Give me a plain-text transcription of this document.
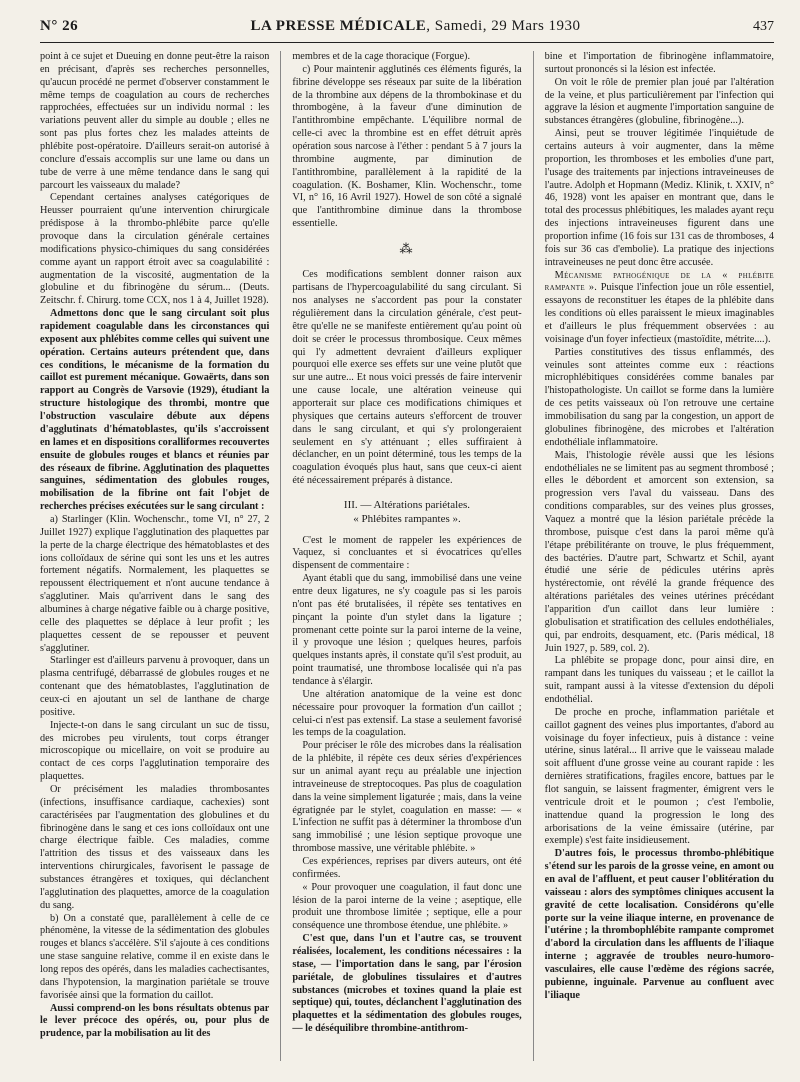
N° 26	LA PRESSE MÉDICALE, Samedi, 29 Mars 1930	437

point à ce sujet et Dueuing en donne peut-être la raison en précisant, d'après ses recherches personnelles, qu'aucun procédé ne permet d'observer constamment le même temps de coagulation au cours de recherches rapprochées, effectuées sur un individu normal : les variations peuvent aller du simple au double ; elles ne sont pas plus fortes chez les malades atteints de phlébite post-opératoire. D'ailleurs serait-on autorisé à conclure d'essais accomplis sur une lame ou dans un tube de verre à une même tendance dans le sang qui parcourt les vaisseaux du malade?

Cependant certaines analyses catégoriques de Heusser pourraient qu'une intervention chirurgicale prédispose à la thrombo-phlébite parce qu'elle provoque dans la circulation générale certaines modifications physico-chimiques du sang considérées comme ayant un rapport étroit avec sa coagulabilité : augmentation de la viscosité, augmentation de la globuline et du fibrinogène du sérum... (Deuts. Zeitschr. f. Chirurg. tome CCX, nos 1 à 4, Juillet 1928).

Admettons donc que le sang circulant soit plus rapidement coagulable dans les circonstances qui exposent aux phlébites comme celles qui suivent une opération. Certains auteurs prétendent que, dans ces conditions, le mécanisme de la formation du caillot est purement mécanique. Gowaërts, dans son rapport au Congrès de Varsovie (1929), étudiant la structure histologique des thrombi, montre que l'obstruction vasculaire débute aux dépens d'agglutinats d'hématoblastes, qu'ils s'accroissent en lames et en dispositions coralliformes recouvertes ensuite de globules rouges et blancs et réunies par des réseaux de fibrine. Agglutination des plaquettes sanguines, sédimentation des globules rouges, mobilisation de la fibrine ont fait l'objet de recherches précises exécutées sur le sang circulant :

a) Starlinger (Klin. Wochenschr., tome VI, n° 27, 2 Juillet 1927) explique l'agglutination des plaquettes par la perte de la charge électrique des hématoblastes et des ions colloïdaux de sérine qui sont les uns et les autres fortement négatifs. Normalement, les plaquettes se repoussent électriquement et n'ont aucune tendance à s'agglutiner. Mais qu'arrivent dans le sang des albumines à charge négative faible ou à charge positive, celle des plaquettes se déplace à leur profit ; les plaquettes cessent de se repousser et peuvent s'agglutiner.

Starlinger est d'ailleurs parvenu à provoquer, dans un plasma centrifugé, débarrassé de globules rouges et ne contenant que des hématoblastes, l'agglutination de ceux-ci en ajoutant un sel de lanthane de charge positive.

Injecte-t-on dans le sang circulant un suc de tissu, des microbes peu virulents, tout corps étranger microscopique ou micellaire, on voit se produire au contact de ces corps l'agglutination temporaire des plaquettes.

Or précisément les maladies thrombosantes (infections, insuffisance cardiaque, cachexies) sont caractérisées par l'augmentation des globulines et du fibrinogène dans le sang et ces ions colloïdaux ont une charge électrique faible. Ces maladies, comme l'attrition des tissus et des vaisseaux dans les interventions chirurgicales, favorisent le passage de substances étrangères et toxiques, qui déclanchent l'agglutination des plaquettes, amorce de la coagulation du sang.

b) On a constaté que, parallèlement à celle de ce phénomène, la vitesse de la sédimentation des globules rouges et blancs s'accélère. S'il s'ajoute à ces conditions une stase sanguine relative, comme il en existe dans le long repos des opérés, dans les maladies cachectisantes, dans l'hypotension, la margination pariétale se trouve favorisée ainsi que la formation du caillot.

Aussi comprend-on les bons résultats obtenus par le lever précoce des opérés, ou, pour plus de prudence, par la mobilisation au lit des

membres et de la cage thoracique (Forgue).

c) Pour maintenir agglutinés ces éléments figurés, la fibrine développe ses réseaux par suite de la libération de la thrombine aux dépens de la thrombokinase et du thrombogène, à la faveur d'une diminution de l'antithrombine empêchante. L'équilibre normal de celle-ci avec la thrombine est en effet détruit après opération sous narcose à l'éther : pendant 5 à 7 jours la thrombine augmente, par diminution de l'antithrombine, parallèlement à la rapidité de la coagulation. (K. Boshamer, Klin. Wochenschr., tome VI, n° 16, 16 Avril 1927). Howel de son côté a signalé que l'antithrombine diminue dans la thrombose essentielle.

⁂

Ces modifications semblent donner raison aux partisans de l'hypercoagulabilité du sang circulant. Si nos analyses ne s'accordent pas pour la constater régulièrement dans la circulation générale, c'est peut-être qu'elle ne se manifeste entièrement qu'au point où doit se créer le processus thrombosique. Ceux mêmes qui l'y admettent devraient d'ailleurs expliquer pourquoi elle exerce ses effets sur une veine plutôt que sur une autre... Et nous voici pressés de faire intervenir une cause locale, une altération veineuse qui apporterait sur place ces modifications chimiques et physiques que certains auteurs s'efforcent de trouver dans le sang circulant, et qui s'y prolongeraient seulement en s'y atténuant ; elles suffiraient à déclancher, en un point déterminé, tous les temps de la coagulation évoqués plus haut, sans que ceux-ci aient été nécessairement préparés à distance.

III. — Altérations pariétales.
« Phlébites rampantes ».

C'est le moment de rappeler les expériences de Vaquez, si concluantes et si évocatrices qu'elles dispensent de commentaire :

Ayant établi que du sang, immobilisé dans une veine entre deux ligatures, ne s'y coagule pas si les parois n'ont pas été brutalisées, il répète ses tentatives en pinçant la pointe d'un stylet dans la ligature ; promenant cette pointe sur la paroi interne de la veine, il y provoque une lésion ; quelques heures, parfois quelques instants après, il constate qu'il s'est produit, au point traumatisé, une thrombose localisée qui n'a pas tendance à s'élargir.

Une altération anatomique de la veine est donc nécessaire pour provoquer la formation d'un caillot ; celui-ci n'est pas extensif. La stase a seulement favorisé les temps de la coagulation.

Pour préciser le rôle des microbes dans la réalisation de la phlébite, il répète ces deux séries d'expériences sur un animal ayant reçu au préalable une injection intraveineuse de streptocoques. Pas plus de coagulation dans la veine simplement ligaturée ; mais, dans la veine égratignée par le stylet, coagulation en masse: — « L'infection ne suffit pas à déterminer la thrombose d'un sang immobilisé ; une lésion septique provoque une thrombose massive, une véritable phlébite. »

Ces expériences, reprises par divers auteurs, ont été confirmées.

« Pour provoquer une coagulation, il faut donc une lésion de la paroi interne de la veine ; aseptique, elle produit une thrombose limitée ; septique, elle a pour conséquence une thrombose étendue, une phlébite. »

C'est que, dans l'un et l'autre cas, se trouvent réalisées, localement, les conditions nécessaires : la stase, — l'importation dans le sang, par l'érosion pariétale, de globulines tissulaires et d'autres substances (microbes et toxines quand la plaie est septique) qui, toutes, déclanchent l'agglutination des plaquettes et la sédimentation des globules rouges, — le déséquilibre thrombine-antithrom-

bine et l'importation de fibrinogène inflammatoire, surtout prononcés si la lésion est infectée.

On voit le rôle de premier plan joué par l'altération de la veine, et plus particulièrement par l'infection qui aggrave la lésion et augmente l'importation sanguine de substances étrangères (globuline, fibrinogène...).

Ainsi, peut se trouver légitimée l'inquiétude de certains auteurs à voir augmenter, dans la même proportion, les thromboses et les embolies d'une part, l'usage des traitements par injections intraveineuses de l'autre. Adolph et Hopmann (Mediz. Klinik, t. XXIV, n° 46, 1928) vont les apaiser en montrant que, dans le total des processus phlébitiques, les malades ayant reçu des injections intraveineuses figurent dans une proportion infime (16 fois sur 131 cas de thromboses, 4 fois sur 36 cas d'embolie). La pratique des injections intraveineuses ne peut donc être accusée.

Mécanisme pathogénique de la « phlébite rampante ». Puisque l'infection joue un rôle essentiel, essayons de reconstituer les étapes de la phlébite dans les conditions où elles paraissent le mieux imaginables et d'ailleurs le plus fréquemment observées : au voisinage d'un foyer infectieux (mastoïdite, métrite....).

Parties constitutives des tissus enflammés, des veinules sont atteintes comme eux : réactions microphlébitiques considérées comme banales par l'histopathologiste. Un caillot se forme dans la lumière de ces petits vaisseaux où l'on retrouve une certaine immobilisation du sang par la congestion, un apport de globulines fibrinogène, des microbes et l'altération endothéliale inflammatoire.

Mais, l'histologie révèle aussi que les lésions endothéliales ne se limitent pas au segment thrombosé ; elles le débordent et amorcent son extension, sa progression vers l'aval du vaisseau. Dans des conditions comparables, sur des veines plus grosses, Vaquez a montré que la lésion pariétale précède la thrombose, puisque c'est dans la paroi même qu'à l'étape prébilitérante on trouve, le plus fréquemment, des bactéries. D'autre part, Schwartz et Schil, ayant étudié une série de pédicules utérins après hystérectomie, ont révélé la grande fréquence des altérations pariétales des veines utérines précédant l'apparition d'un caillot dans leur lumière : globulisation et stratification des cellules endothéliales, qui, par endroits, desquament, etc. (Paris médical, 18 Juin 1927, p. 589, col. 2).

La phlébite se propage donc, pour ainsi dire, en rampant dans les tuniques du vaisseau ; et le caillot la suit, rampant aussi à la vitesse d'extension du dépoli endothélial.

De proche en proche, inflammation pariétale et caillot gagnent des veines plus importantes, d'abord au voisinage du foyer infectieux, puis à distance : veine utérine, sinus latéral... Il arrive que le vaisseau malade soit affluent d'une grosse veine au courant rapide : les dernières stratifications, fragiles encore, battues par le flot sanguin, se laissent fragmenter, émigrent vers le ventricule droit et le poumon ; c'est l'embolie, inattendue quand la progression le long des arborisations de la veine émissaire (utérine, par exemple) s'est faite insidieusement.

D'autres fois, le processus thrombo-phlébitique s'étend sur les parois de la grosse veine, en amont ou en aval de l'affluent, et peut causer l'oblitération du vaisseau : alors des symptômes cliniques accusent la gravité de cette localisation. Considérons qu'elle porte sur la veine iliaque interne, en provenance de l'utérine ; la thrombophlébite rampante compromet d'abord la circulation dans les affluents de l'iliaque interne ; aggravée de troubles neuro-humoro-vasculaires, elle cause l'œdème des régions sacrée, pubienne, inguinale. Parvenue au confluent avec l'iliaque
